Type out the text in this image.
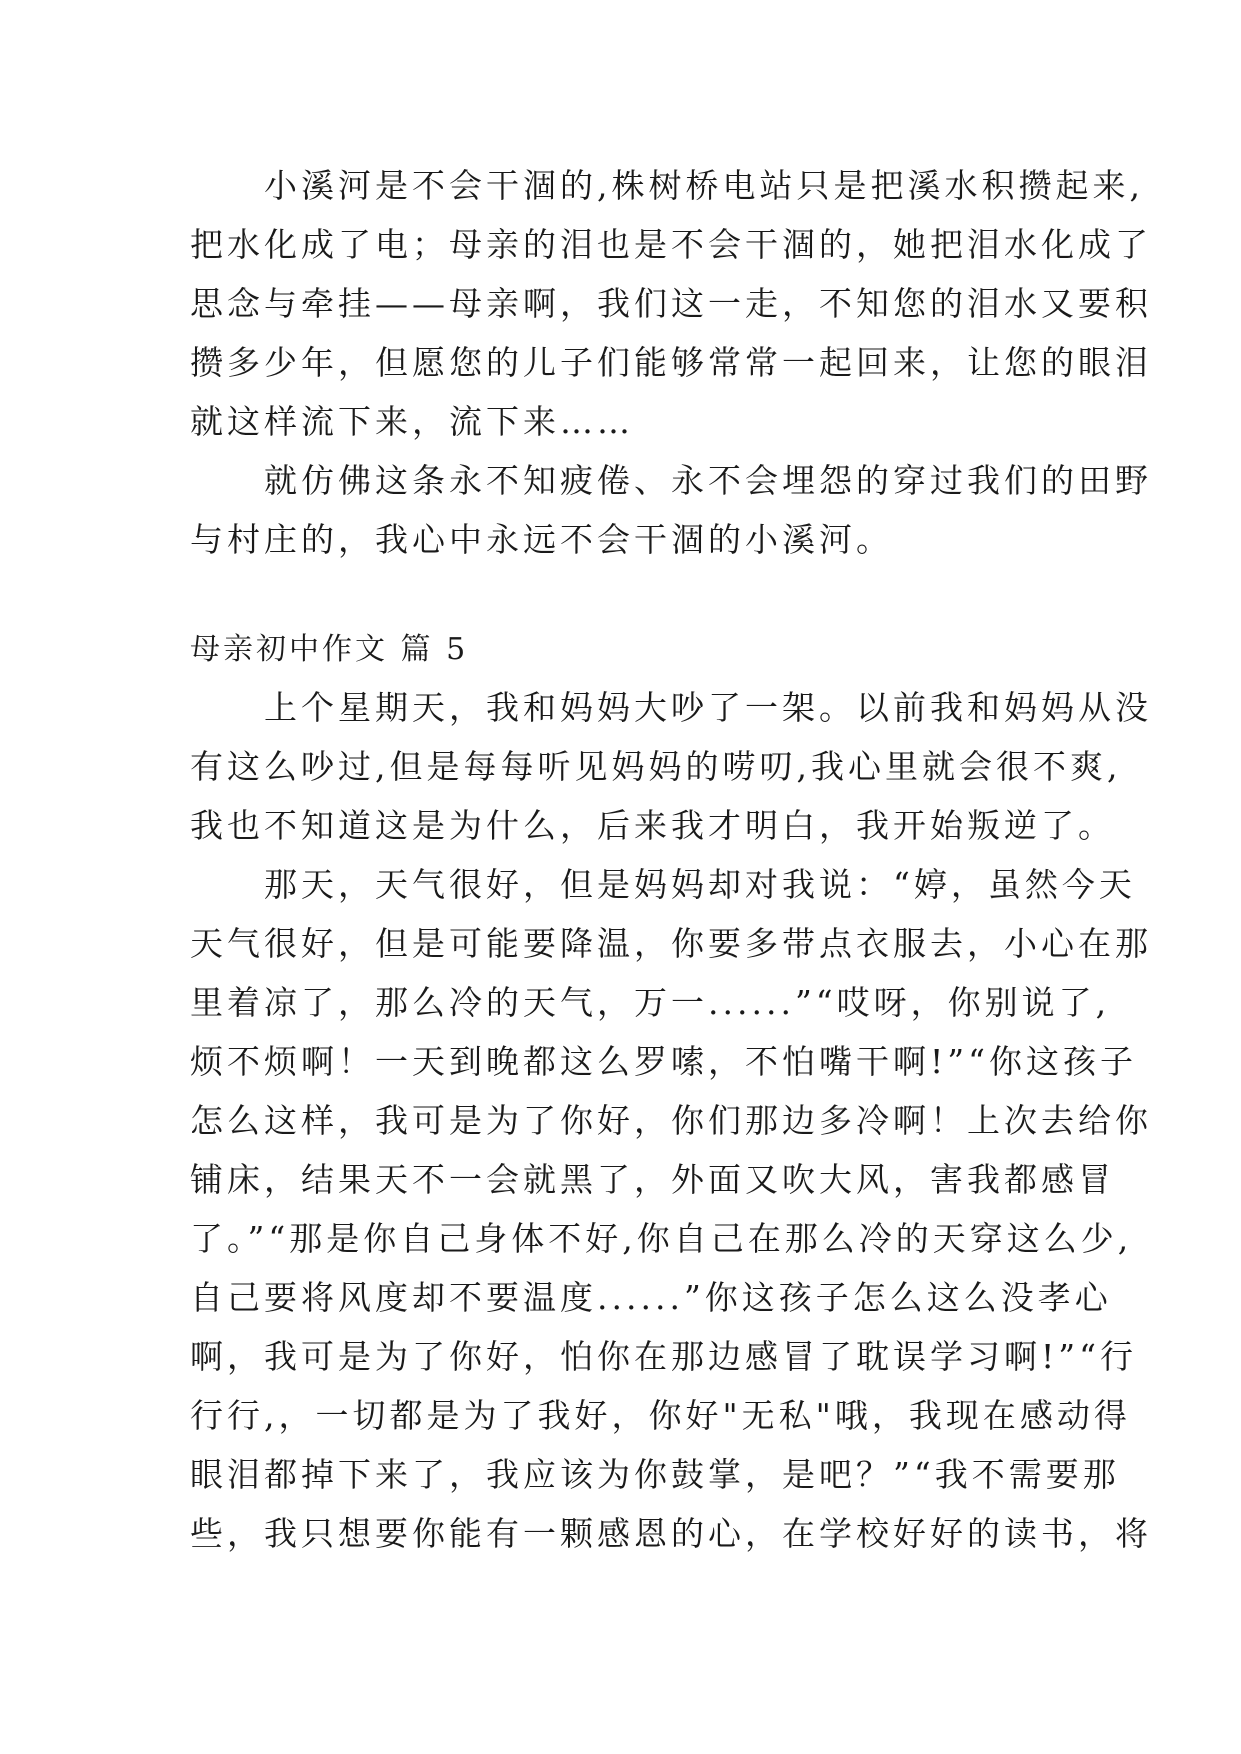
　　小溪河是不会干涸的,株树桥电站只是把溪水积攒起来,
把水化成了电；母亲的泪也是不会干涸的，她把泪水化成了
思念与牵挂——母亲啊，我们这一走，不知您的泪水又要积
攒多少年，但愿您的儿子们能够常常一起回来，让您的眼泪
就这样流下来，流下来……
　　就仿佛这条永不知疲倦、永不会埋怨的穿过我们的田野
与村庄的，我心中永远不会干涸的小溪河。
母亲初中作文 篇 5
　　上个星期天，我和妈妈大吵了一架。以前我和妈妈从没
有这么吵过,但是每每听见妈妈的唠叨,我心里就会很不爽,
我也不知道这是为什么，后来我才明白，我开始叛逆了。
　　那天，天气很好，但是妈妈却对我说：“婷，虽然今天
天气很好，但是可能要降温，你要多带点衣服去，小心在那
里着凉了，那么冷的天气，万一......”“哎呀，你别说了,
烦不烦啊！一天到晚都这么罗嗦，不怕嘴干啊!”“你这孩子
怎么这样，我可是为了你好，你们那边多冷啊！上次去给你
铺床，结果天不一会就黑了，外面又吹大风，害我都感冒
了。”“那是你自己身体不好,你自己在那么冷的天穿这么少,
自己要将风度却不要温度......”你这孩子怎么这么没孝心
啊，我可是为了你好，怕你在那边感冒了耽误学习啊!”“行
行行,，一切都是为了我好，你好"无私"哦，我现在感动得
眼泪都掉下来了，我应该为你鼓掌，是吧？”“我不需要那
些，我只想要你能有一颗感恩的心，在学校好好的读书，将
